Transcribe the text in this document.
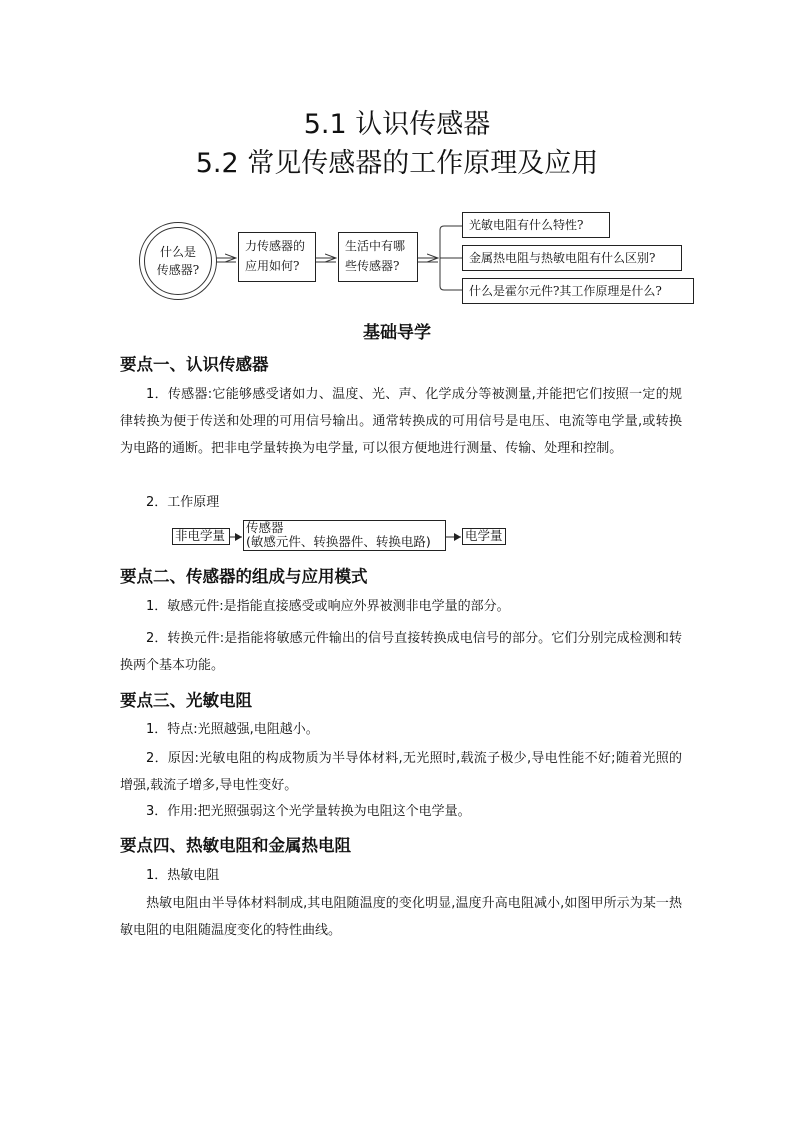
5.1 认识传感器
5.2 常见传感器的工作原理及应用
什么是
传感器?
力传感器的
应用如何?
生活中有哪
些传感器?
光敏电阻有什么特性?
金属热电阻与热敏电阻有什么区别?
什么是霍尔元件?其工作原理是什么?
基础导学
要点一、认识传感器
1．传感器:它能够感受诸如力、温度、光、声、化学成分等被测量,并能把它们按照一定的规律转换为便于传送和处理的可用信号输出。通常转换成的可用信号是电压、电流等电学量,或转换为电路的通断。把非电学量转换为电学量, 可以很方便地进行测量、传输、处理和控制。
2．工作原理
非电学量
传感器
(敏感元件、转换器件、转换电路)	电学量
要点二、传感器的组成与应用模式
1．敏感元件:是指能直接感受或响应外界被测非电学量的部分。
2．转换元件:是指能将敏感元件输出的信号直接转换成电信号的部分。它们分别完成检测和转换两个基本功能。
要点三、光敏电阻
1．特点:光照越强,电阻越小。
2．原因:光敏电阻的构成物质为半导体材料,无光照时,载流子极少,导电性能不好;随着光照的增强,载流子增多,导电性变好。
3．作用:把光照强弱这个光学量转换为电阻这个电学量。
要点四、热敏电阻和金属热电阻
1．热敏电阻
热敏电阻由半导体材料制成,其电阻随温度的变化明显,温度升高电阻减小,如图甲所示为某一热敏电阻的电阻随温度变化的特性曲线。
